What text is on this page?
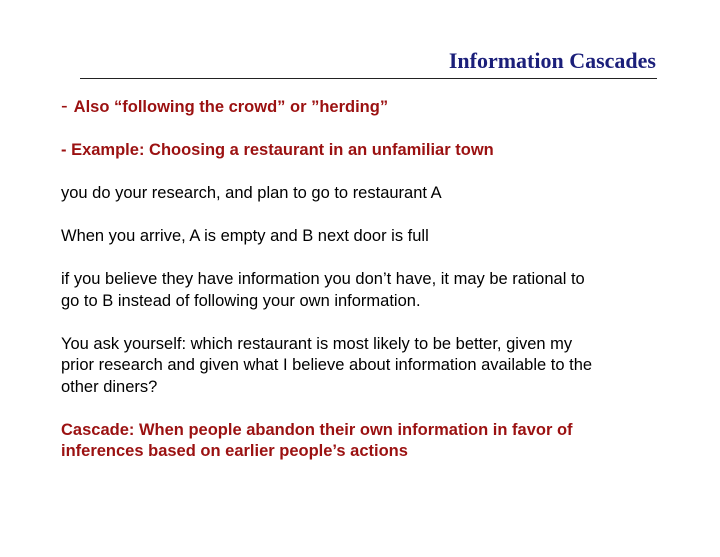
Information Cascades

- Also “following the crowd” or ”herding”

- Example: Choosing a restaurant in an unfamiliar town

you do your research, and plan to go to restaurant A

When you arrive, A is empty and B next door is full

if you believe they have information you don’t have, it may be rational to

go to B instead of following your own information.

You ask yourself: which restaurant is most likely to be better, given my

prior research and given what I believe about information available to the

other diners?

Cascade: When people abandon their own information in favor of

inferences based on earlier people’s actions
